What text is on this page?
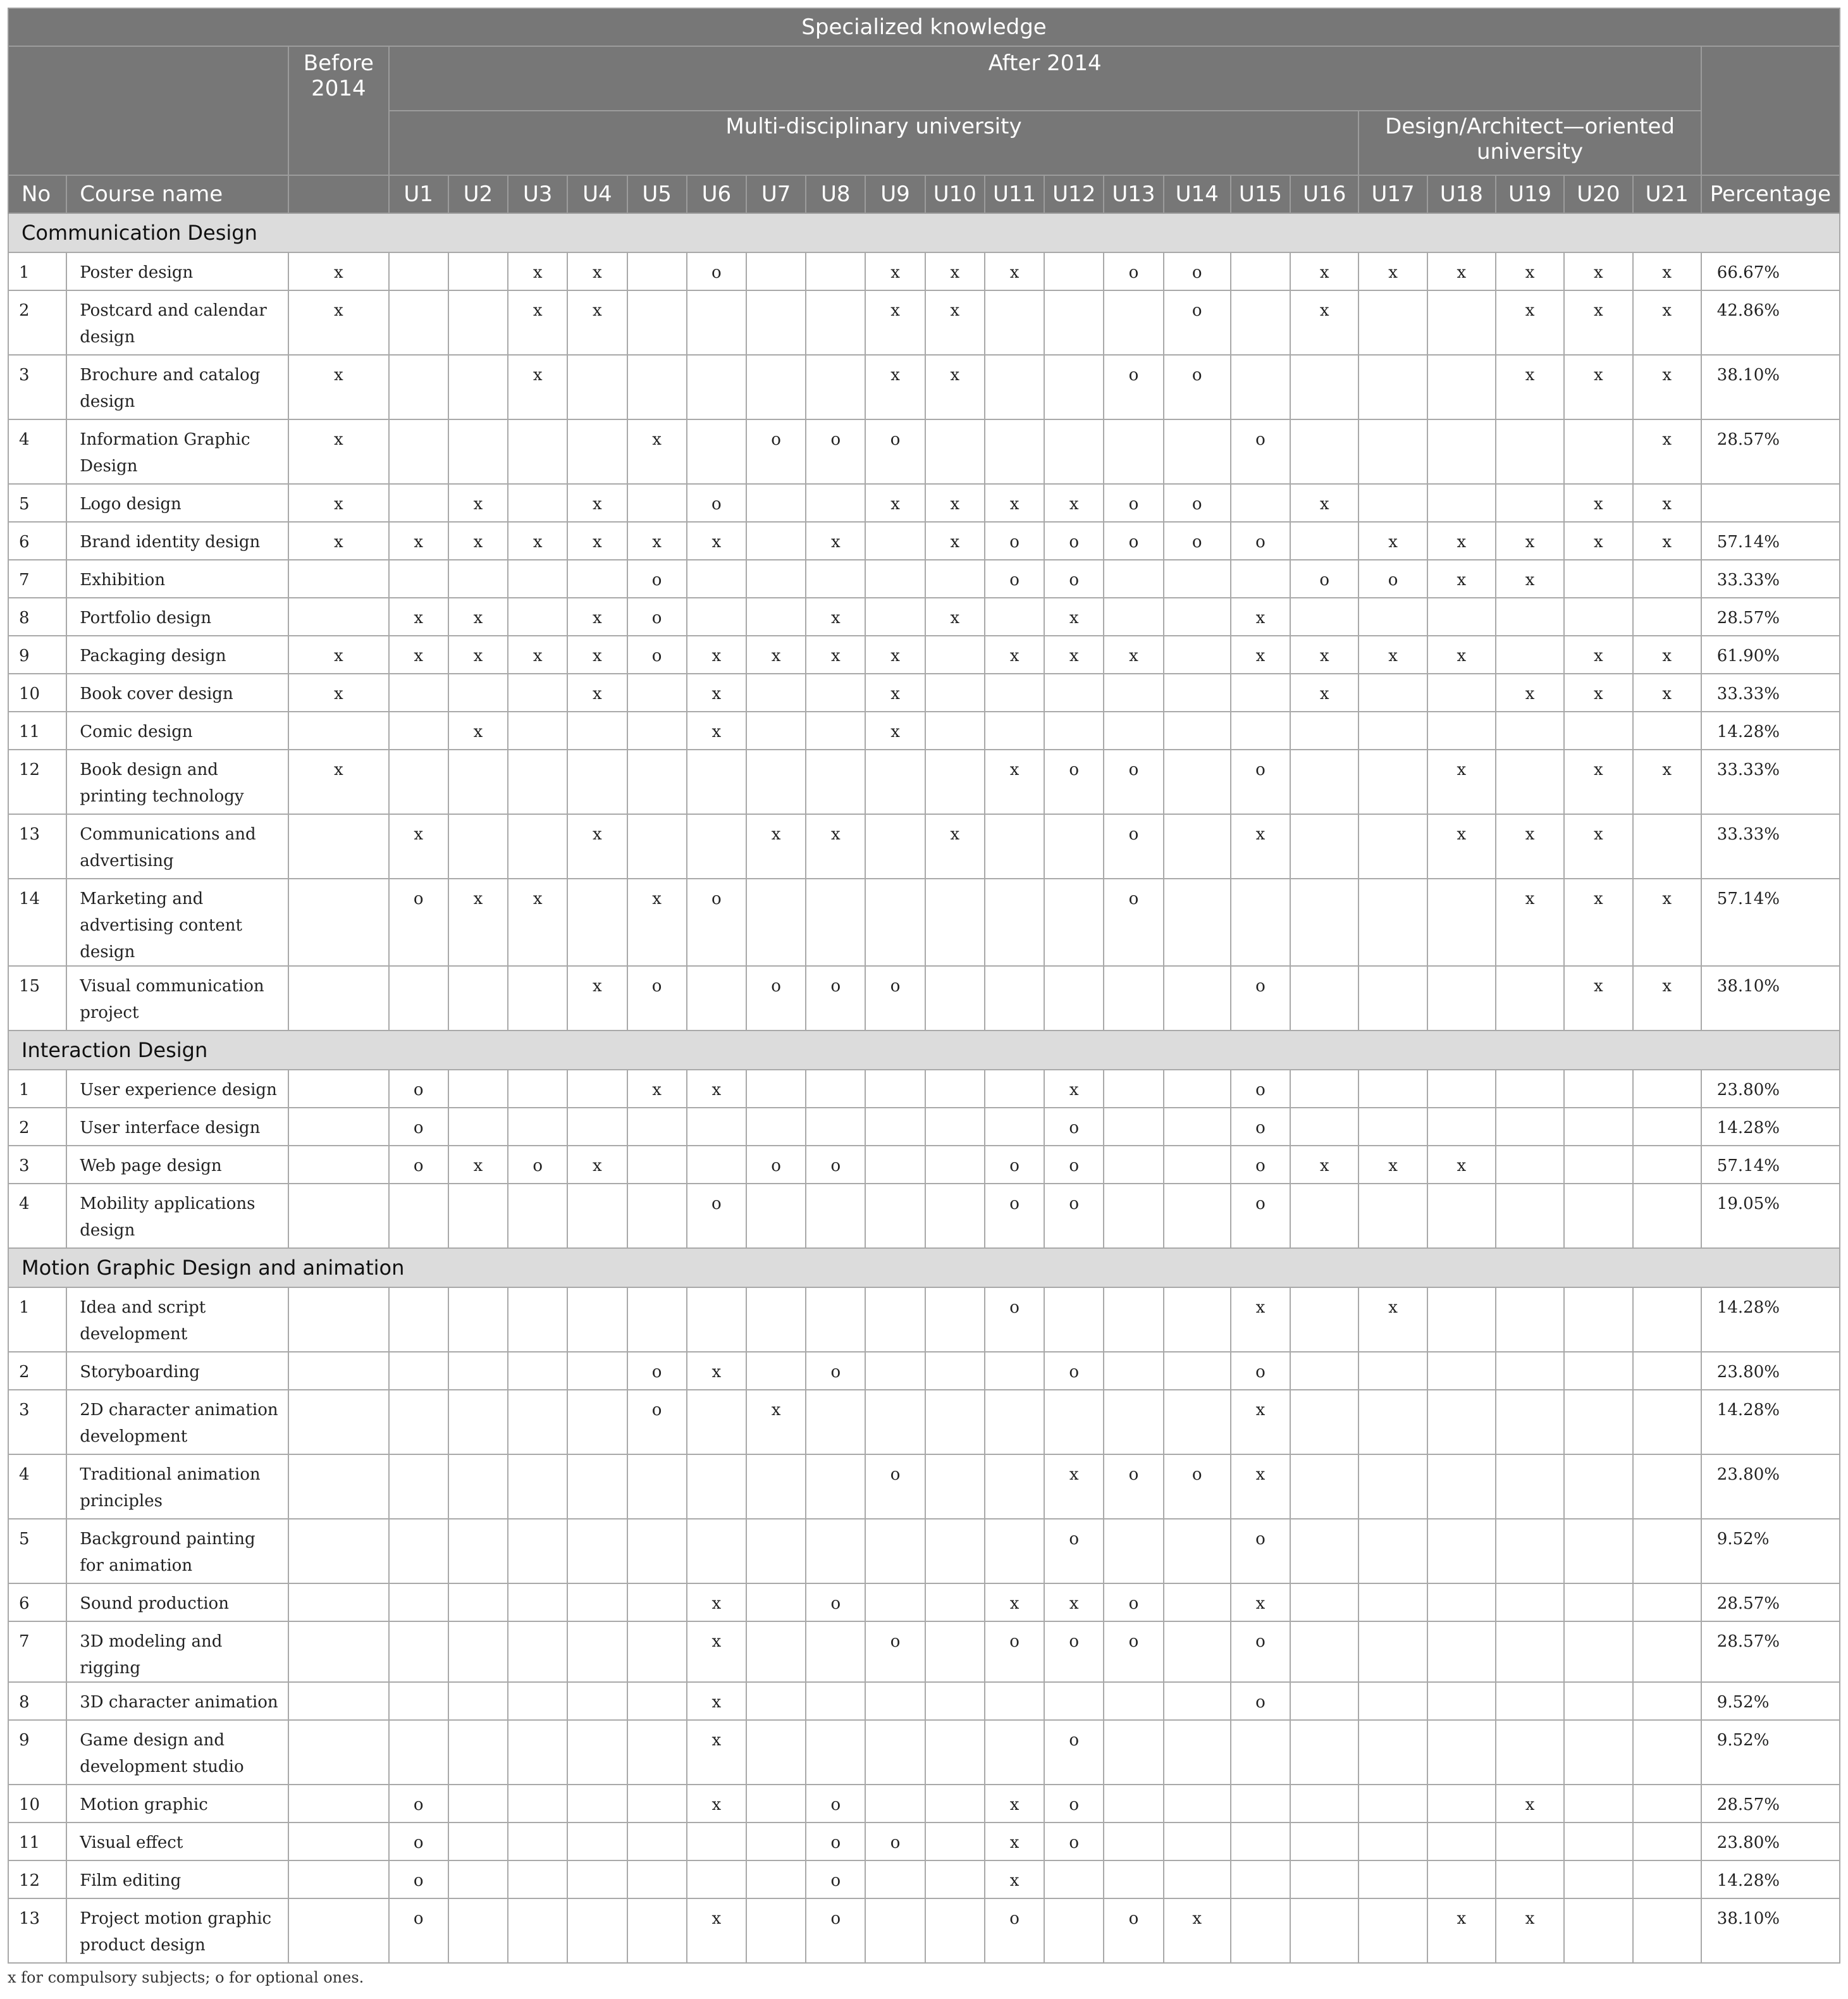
Specialized knowledge																								
		Before 2014	After 2014																					
			Multi-disciplinary university																Design/Architect—oriented university					
No	Course name		U1	U2	U3	U4	U5	U6	U7	U8	U9	U10	U11	U12	U13	U14	U15	U16	U17	U18	U19	U20	U21	Percentage
Communication Design																								
1	Poster design	x			x	x		o			x	x	x		o	o		x	x	x	x	x	x	66.67%
2	Postcard and calendar design	x			x	x					x	x				o		x			x	x	x	42.86%
3	Brochure and catalog design	x			x						x	x			o	o					x	x	x	38.10%
4	Information Graphic Design	x					x		o	o	o						o						x	28.57%
5	Logo design	x		x		x		o			x	x	x	x	o	o		x				x	x	
6	Brand identity design	x	x	x	x	x	x	x		x		x	o	o	o	o	o		x	x	x	x	x	57.14%
7	Exhibition						o						o	o				o	o	x	x			33.33%
8	Portfolio design		x	x		x	o			x		x		x			x							28.57%
9	Packaging design	x	x	x	x	x	o	x	x	x	x		x	x	x		x	x	x	x		x	x	61.90%
10	Book cover design	x				x		x			x							x			x	x	x	33.33%
11	Comic design			x				x			x													14.28%
12	Book design and printing technology	x											x	o	o		o			x		x	x	33.33%
13	Communications and advertising		x			x			x	x		x			o		x			x	x	x		33.33%
14	Marketing and advertising content design		o	x	x		x	o							o						x	x	x	57.14%
15	Visual communication project					x	o		o	o	o						o					x	x	38.10%
Interaction Design																								
1	User experience design		o				x	x						x			o							23.80%
2	User interface design		o											o			o							14.28%
3	Web page design		o	x	o	x			o	o			o	o			o	x	x	x				57.14%
4	Mobility applications design							o					o	o			o							19.05%
Motion Graphic Design and animation																								
1	Idea and script development												o				x		x					14.28%
2	Storyboarding						o	x		o				o			o							23.80%
3	2D character animation development						o		x								x							14.28%
4	Traditional animation principles										o			x	o	o	x							23.80%
5	Background painting for animation													o			o							9.52%
6	Sound production							x		o			x	x	o		x							28.57%
7	3D modeling and rigging							x			o		o	o	o		o							28.57%
8	3D character animation							x									o							9.52%
9	Game design and development studio							x						o										9.52%
10	Motion graphic		o					x		o			x	o							x			28.57%
11	Visual effect		o							o	o		x	o										23.80%
12	Film editing		o							o			x											14.28%
13	Project motion graphic product design		o					x		o			o		o	x				x	x			38.10%
x for compulsory subjects; o for optional ones.
